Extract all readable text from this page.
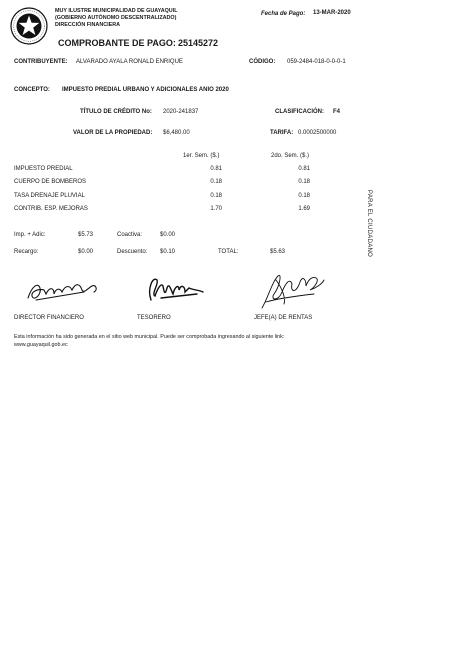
MUY ILUSTRE MUNICIPALIDAD DE GUAYAQUIL
(GOBIERNO AUTÓNOMO DESCENTRALIZADO)
DIRECCIÓN FINANCIERA
Fecha de Pago: 13-MAR-2020
COMPROBANTE DE PAGO: 25145272
CONTRIBUYENTE: ALVARADO AYALA RONALD ENRIQUE	CÓDIGO: 059-2484-018-0-0-0-1
CONCEPTO: IMPUESTO PREDIAL URBANO Y ADICIONALES ANIO 2020
TÍTULO DE CRÉDITO No: 2020-241837	CLASIFICACIÓN: F4
VALOR DE LA PROPIEDAD: $6,480.00	TARIFA: 0.0002500000
1er. Sem. ($.)	2do. Sem. ($.)
IMPUESTO PREDIAL	0.81	0.81
CUERPO DE BOMBEROS	0.18	0.18
TASA DRENAJE PLUVIAL	0.18	0.18
CONTRIB. ESP. MEJORAS	1.70	1.69
Imp. + Adic:	$5.73	Coactiva:	$0.00
Recargo:	$0.00	Descuento: $0.10	TOTAL:	$5.63
DIRECTOR FINANCIERO	TESORERO	JEFE(A) DE RENTAS
Esta información ha sido generada en el sitio web municipal. Puede ser comprobada ingresando al siguiente link:
www.guayaquil.gob.ec
PARA EL CIUDADANO
